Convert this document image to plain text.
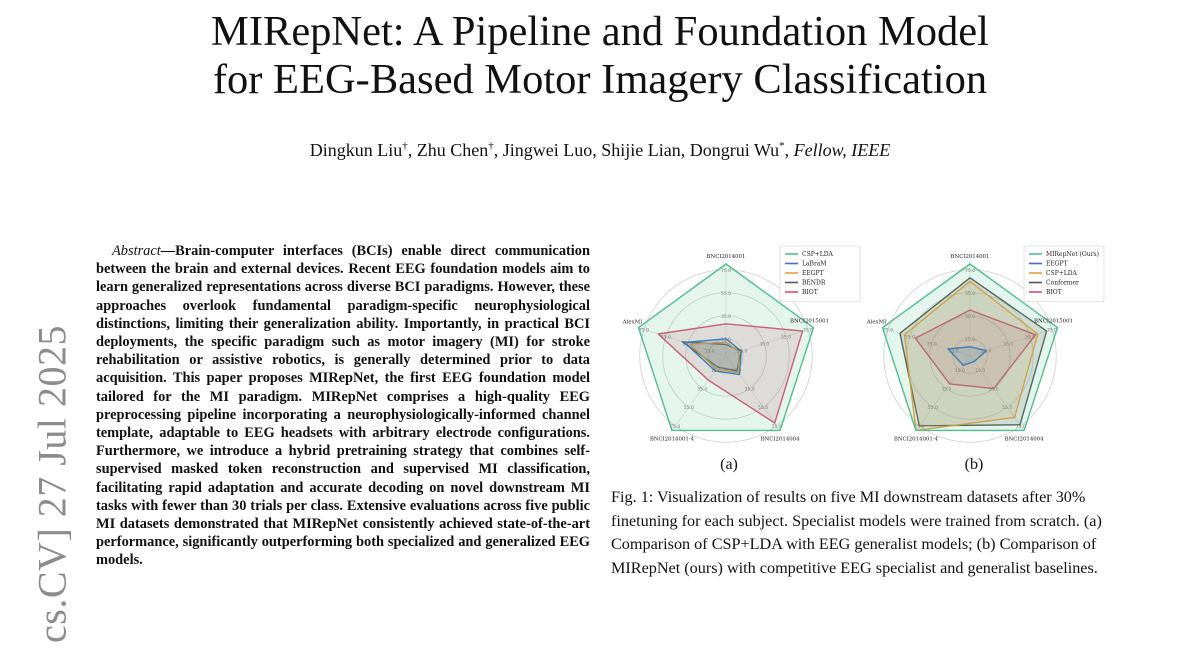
cs.CV] 27 Jul 2025
MIRepNet: A Pipeline and Foundation Model
for EEG-Based Motor Imagery Classification
Dingkun Liu†, Zhu Chen†, Jingwei Luo, Shijie Lian, Dongrui Wu*, Fellow, IEEE

Abstract—Brain-computer interfaces (BCIs) enable direct communication between the brain and external devices. Recent EEG foundation models aim to learn generalized representations across diverse BCI paradigms. However, these approaches overlook fundamental paradigm-specific neurophysiological distinctions, limiting their generalization ability. Importantly, in practical BCI deployments, the specific paradigm such as motor imagery (MI) for stroke rehabilitation or assistive robotics, is generally determined prior to data acquisition. This paper proposes MIRepNet, the first EEG foundation model tailored for the MI paradigm. MIRepNet comprises a high-quality EEG preprocessing pipeline incorporating a neurophysiologically-informed channel template, adaptable to EEG headsets with arbitrary electrode configurations. Furthermore, we introduce a hybrid pretraining strategy that combines self-supervised masked token reconstruction and supervised MI classification, facilitating rapid adaptation and accurate decoding on novel downstream MI tasks with fewer than 30 trials per class. Extensive evaluations across five public MI datasets demonstrated that MIRepNet consistently achieved state-of-the-art performance, significantly outperforming both specialized and generalized EEG models.

15.0
35.0
55.0
75.0
15.0
35.0
55.0
75.0
15.0
35.0
55.0
75.0
15.0
35.0
55.0
75.0
15.0
35.0
55.0
75.0
BNCI2014001
BNCI2015001
BNCI2014004
BNCI2014001-4
AlexMI
CSP+LDA
LaBraM
EEGPT
BENDR
BIOT
15.0
35.0
55.0
75.0
15.0
35.0
55.0
75.0
15.0
35.0
55.0
75.0
15.0
35.0
55.0
75.0
15.0
35.0
55.0
75.0
BNCI2014001
BNCI2015001
BNCI2014004
BNCI2014001-4
AlexMI
MIRepNet (Ours)
EEGPT
CSP+LDA
Conformer
BIOT
(a)	(b)

Fig. 1: Visualization of results on five MI downstream datasets after 30% finetuning for each subject. Specialist models were trained from scratch. (a) Comparison of CSP+LDA with EEG generalist models; (b) Comparison of MIRepNet (ours) with competitive EEG specialist and generalist baselines.
